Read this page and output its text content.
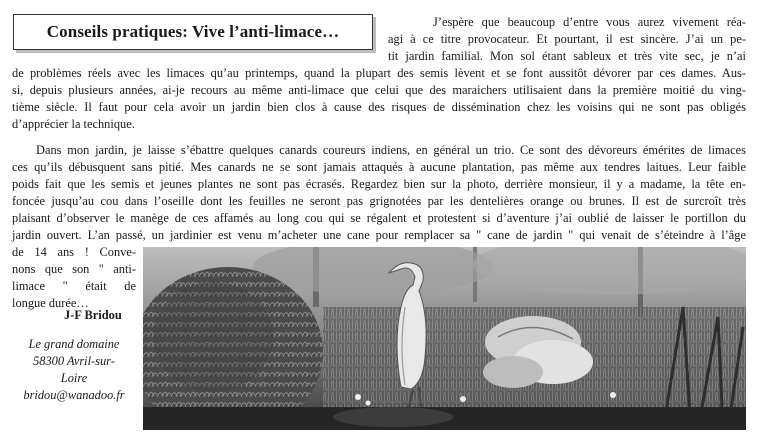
Conseils pratiques: Vive l’anti-limace…	J’espère que beaucoup d’entre vous aurez vivement réa-
agi à ce titre provocateur. Et pourtant, il est sincère. J’ai un pe-
tit jardin familial. Mon sol étant sableux et très vite sec, je n’ai
de problèmes réels avec les limaces qu’au printemps, quand la plupart des semis lèvent et se font aussitôt dévorer par ces dames. Aus-
si, depuis plusieurs années, ai-je recours au même anti-limace que celui que des maraichers utilisaient dans la première moitié du ving-
tième siècle. Il faut pour cela avoir un jardin bien clos à cause des risques de dissémination chez les voisins qui ne sont pas obligés
d’apprécier la technique.
Dans mon jardin, je laisse s’ébattre quelques canards coureurs indiens, en général un trio. Ce sont des dévoreurs émérites de limaces
ces qu’ils débusquent sans pitié. Mes canards ne se sont jamais attaqués à aucune plantation, pas même aux tendres laitues. Leur faible
poids fait que les semis et jeunes plantes ne sont pas écrasés. Regardez bien sur la photo, derrière monsieur, il y a madame, la tête en-
foncée jusqu’au cou dans l’oseille dont les feuilles ne seront pas grignotées par les dentelières orange ou brunes. Il est de surcroît très
plaisant d’observer le manège de ces affamés au long cou qui se régalent et protestent si d’aventure j’ai oublié de laisser le portillon du
jardin ouvert. L’an passé, un jardinier est venu m’acheter une cane pour remplacer sa " cane de jardin " qui venait de s’éteindre à l’âge
de 14 ans ! Conve-
nons que son " anti-
limace " était de
longue durée…
J-F Bridou
Le grand domaine
58300 Avril-sur-
Loire
bridou@wanadoo.fr
